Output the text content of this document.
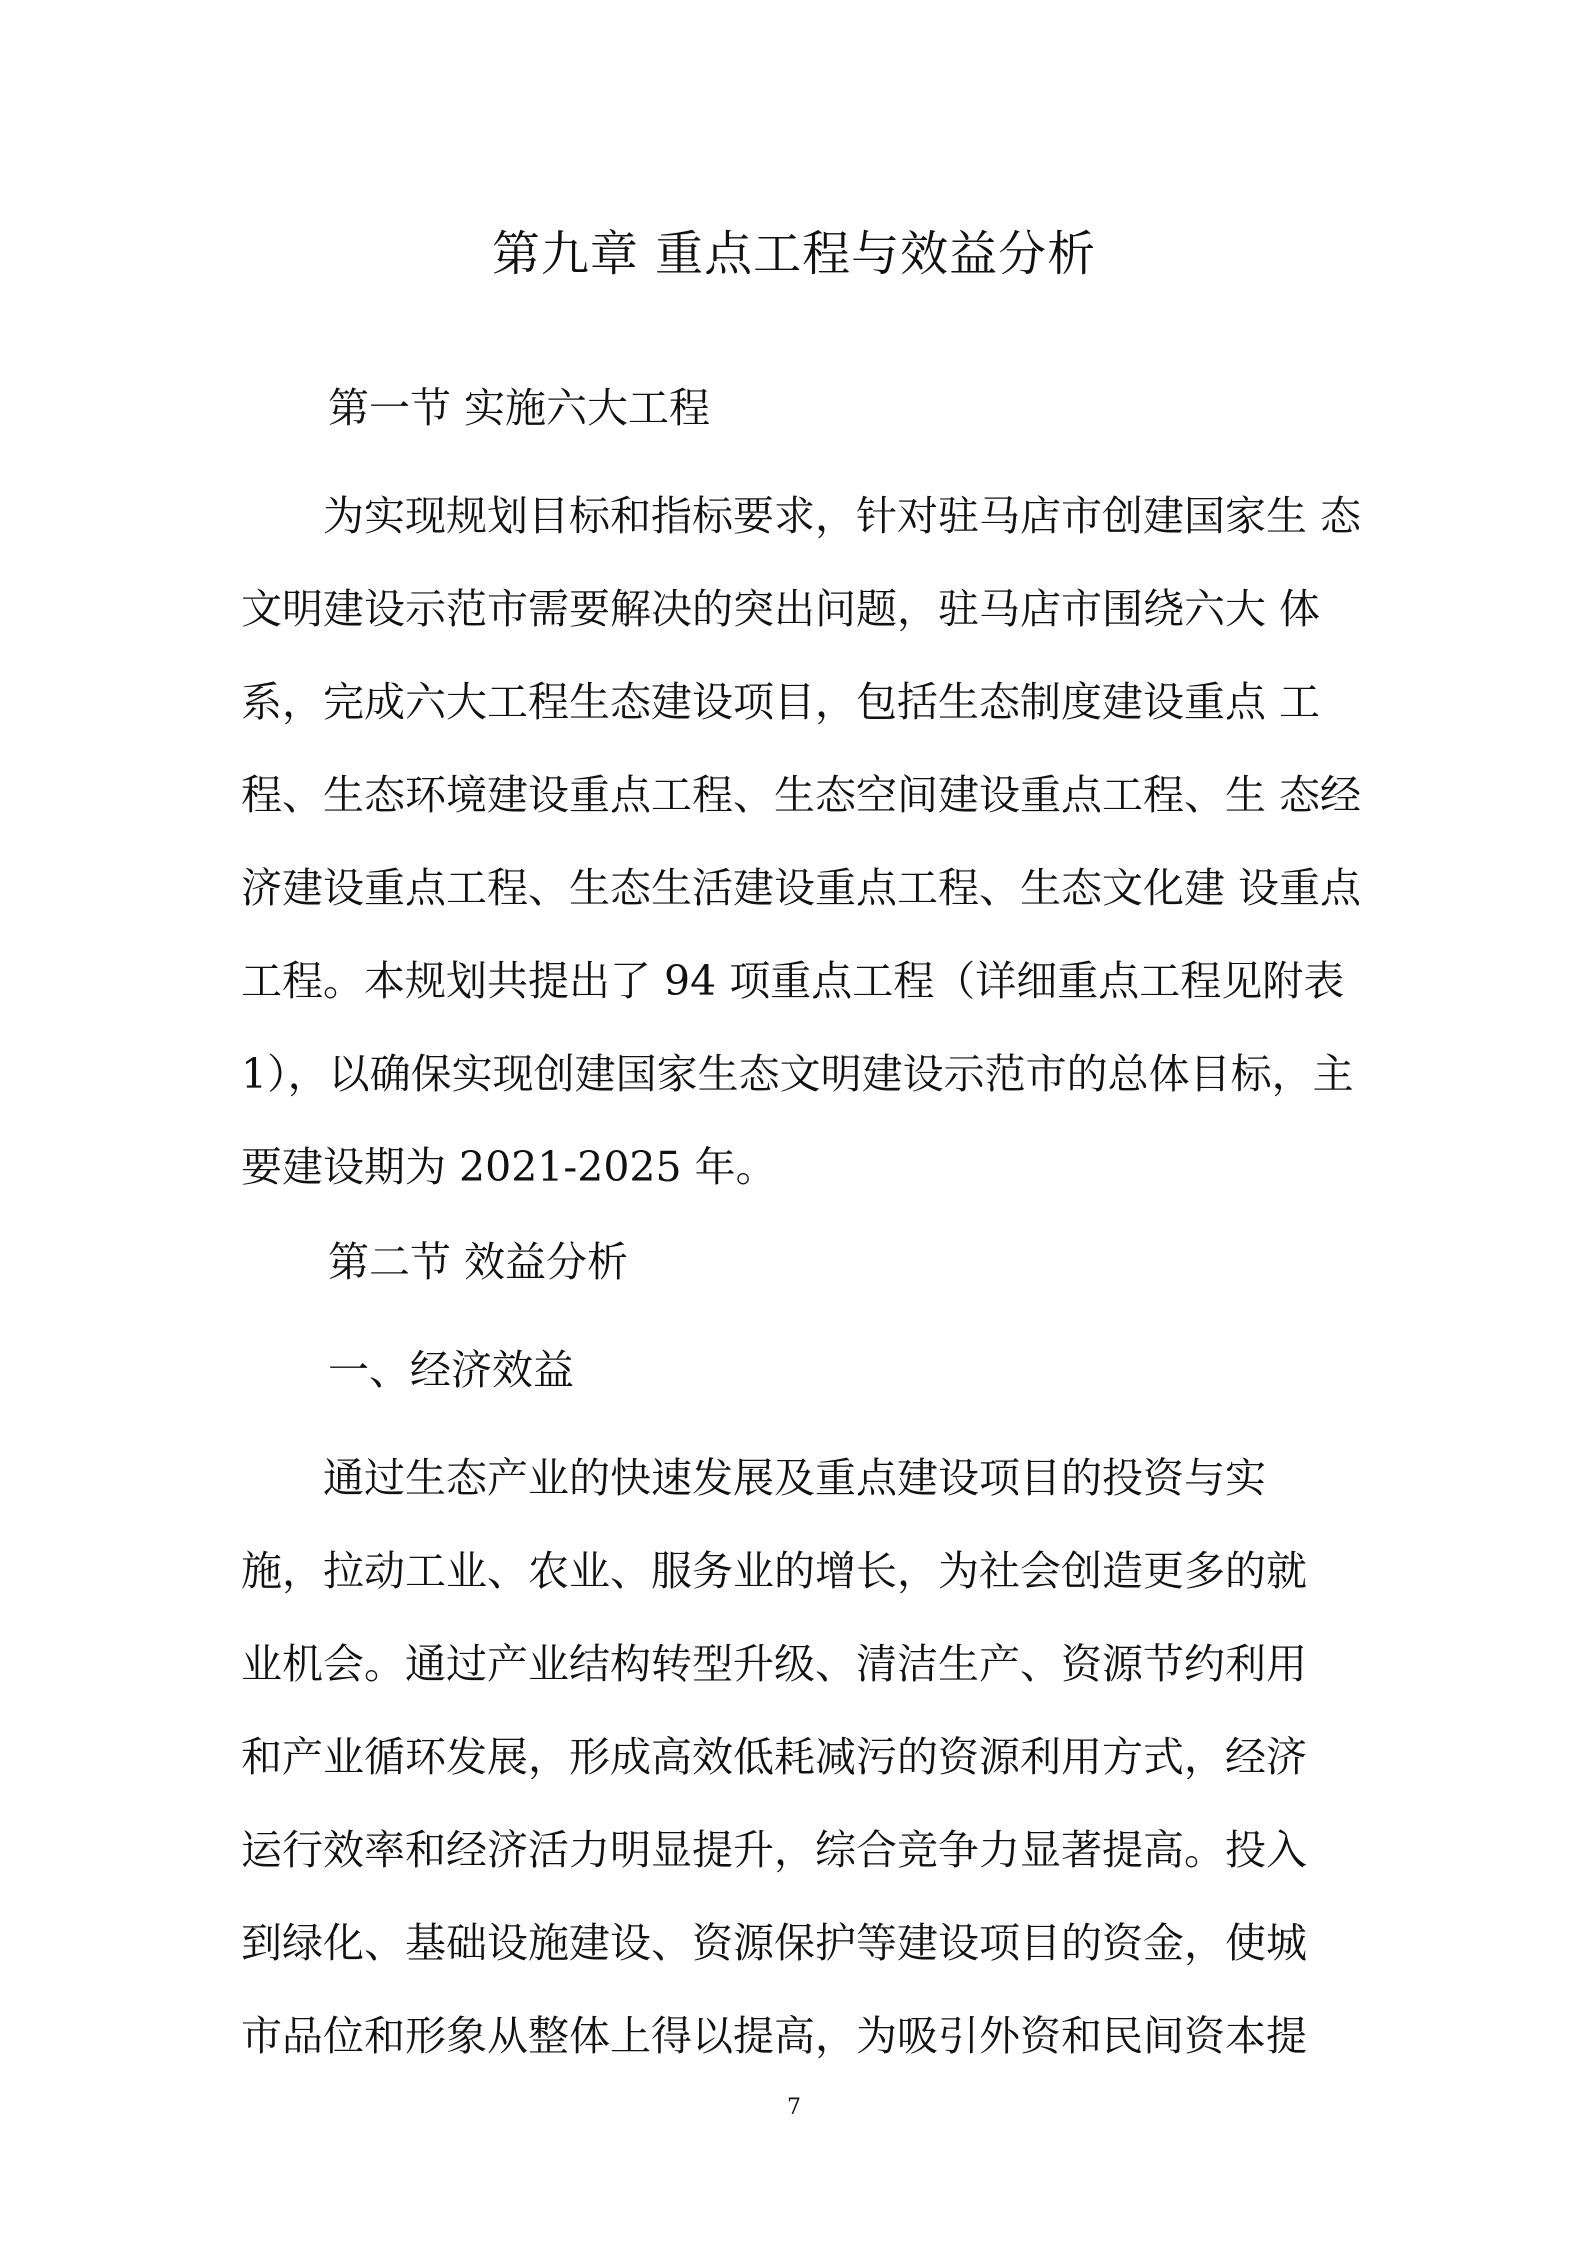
第九章 重点工程与效益分析
第一节 实施六大工程

　　为实现规划目标和指标要求，针对驻马店市创建国家生 态
文明建设示范市需要解决的突出问题，驻马店市围绕六大 体
系，完成六大工程生态建设项目，包括生态制度建设重点 工
程、生态环境建设重点工程、生态空间建设重点工程、生 态经
济建设重点工程、生态生活建设重点工程、生态文化建 设重点
工程。本规划共提出了 94 项重点工程（详细重点工程见附表
1），以确保实现创建国家生态文明建设示范市的总体目标，主
要建设期为 2021-2025 年。

第二节 效益分析
一、经济效益

　　通过生态产业的快速发展及重点建设项目的投资与实
施，拉动工业、农业、服务业的增长，为社会创造更多的就
业机会。通过产业结构转型升级、清洁生产、资源节约利用
和产业循环发展，形成高效低耗减污的资源利用方式，经济
运行效率和经济活力明显提升，综合竞争力显著提高。投入
到绿化、基础设施建设、资源保护等建设项目的资金，使城
市品位和形象从整体上得以提高，为吸引外资和民间资本提

7
